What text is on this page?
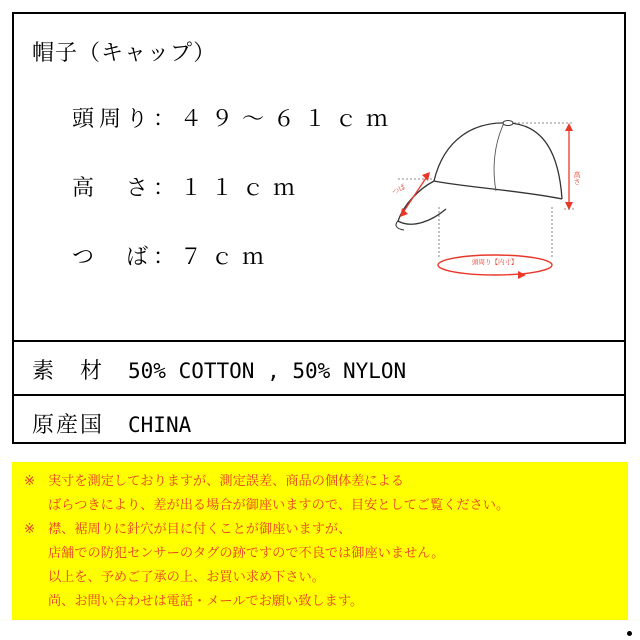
帽子（キャップ）
頭周り：４９〜６１ｃｍ
高　さ：１１ｃｍ
つ　ば：７ｃｍ
高さ
つば
頭周り【内寸】
素　材 50% COTTON , 50% NYLON
原産国 CHINA
※ 実寸を測定しておりますが、測定誤差、商品の個体差による
ばらつきにより、差が出る場合が御座いますので、目安としてご覧ください。
※ 襟、裾周りに針穴が目に付くことが御座いますが、
店舗での防犯センサーのタグの跡ですので不良では御座いません。
以上を、予めご了承の上、お買い求め下さい。
尚、お問い合わせは電話・メールでお願い致します。
